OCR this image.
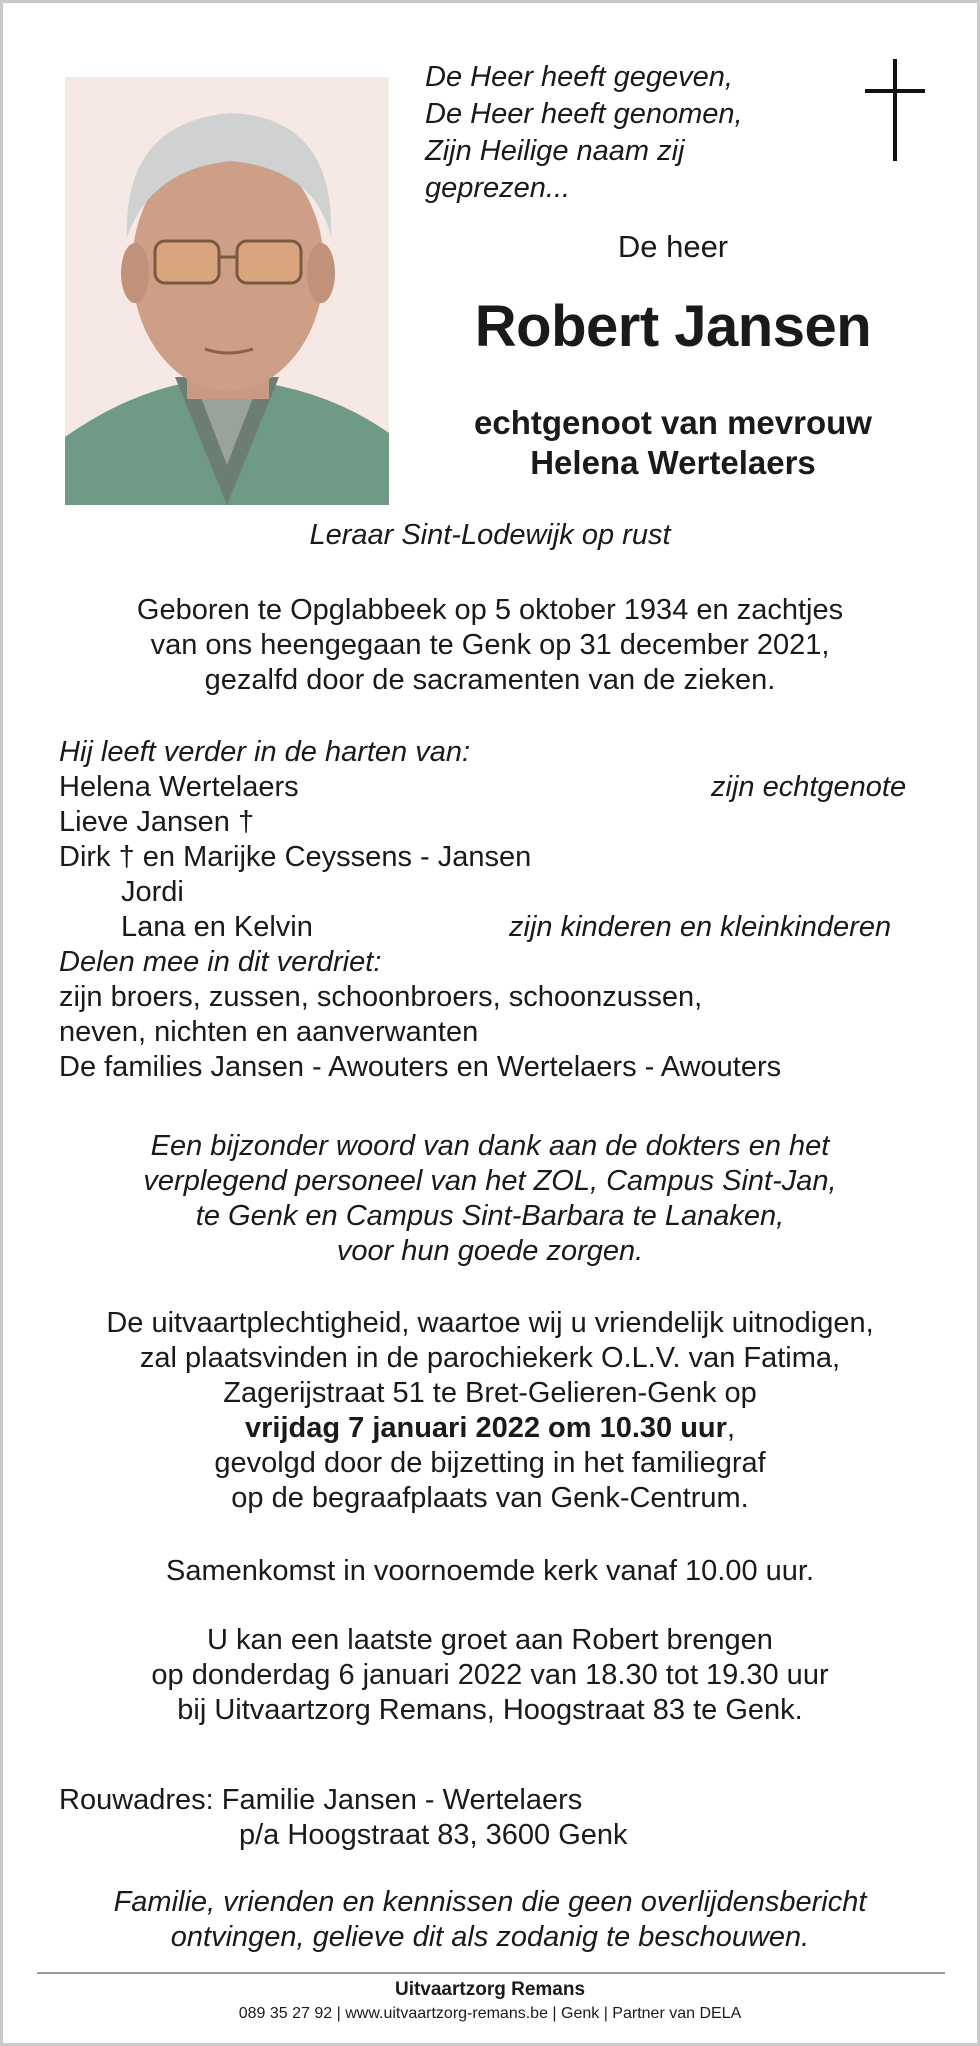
De Heer heeft gegeven,
De Heer heeft genomen,
Zijn Heilige naam zij
geprezen...
De heer
Robert Jansen
echtgenoot van mevrouw
Helena Wertelaers
Leraar Sint-Lodewijk op rust
Geboren te Opglabbeek op 5 oktober 1934 en zachtjes
van ons heengegaan te Genk op 31 december 2021,
gezalfd door de sacramenten van de zieken.
Hij leeft verder in de harten van:
Helena Wertelaers	zijn echtgenote
Lieve Jansen †
Dirk † en Marijke Ceyssens - Jansen
Jordi
Lana en Kelvin	zijn kinderen en kleinkinderen
Delen mee in dit verdriet:
zijn broers, zussen, schoonbroers, schoonzussen,
neven, nichten en aanverwanten
De families Jansen - Awouters en Wertelaers - Awouters
Een bijzonder woord van dank aan de dokters en het
verplegend personeel van het ZOL, Campus Sint-Jan,
te Genk en Campus Sint-Barbara te Lanaken,
voor hun goede zorgen.
De uitvaartplechtigheid, waartoe wij u vriendelijk uitnodigen,
zal plaatsvinden in de parochiekerk O.L.V. van Fatima,
Zagerijstraat 51 te Bret-Gelieren-Genk op
vrijdag 7 januari 2022 om 10.30 uur,
gevolgd door de bijzetting in het familiegraf
op de begraafplaats van Genk-Centrum.
Samenkomst in voornoemde kerk vanaf 10.00 uur.
U kan een laatste groet aan Robert brengen
op donderdag 6 januari 2022 van 18.30 tot 19.30 uur
bij Uitvaartzorg Remans, Hoogstraat 83 te Genk.
Rouwadres: Familie Jansen - Wertelaers
p/a Hoogstraat 83, 3600 Genk
Familie, vrienden en kennissen die geen overlijdensbericht
ontvingen, gelieve dit als zodanig te beschouwen.
Uitvaartzorg Remans
089 35 27 92 | www.uitvaartzorg-remans.be | Genk | Partner van DELA
